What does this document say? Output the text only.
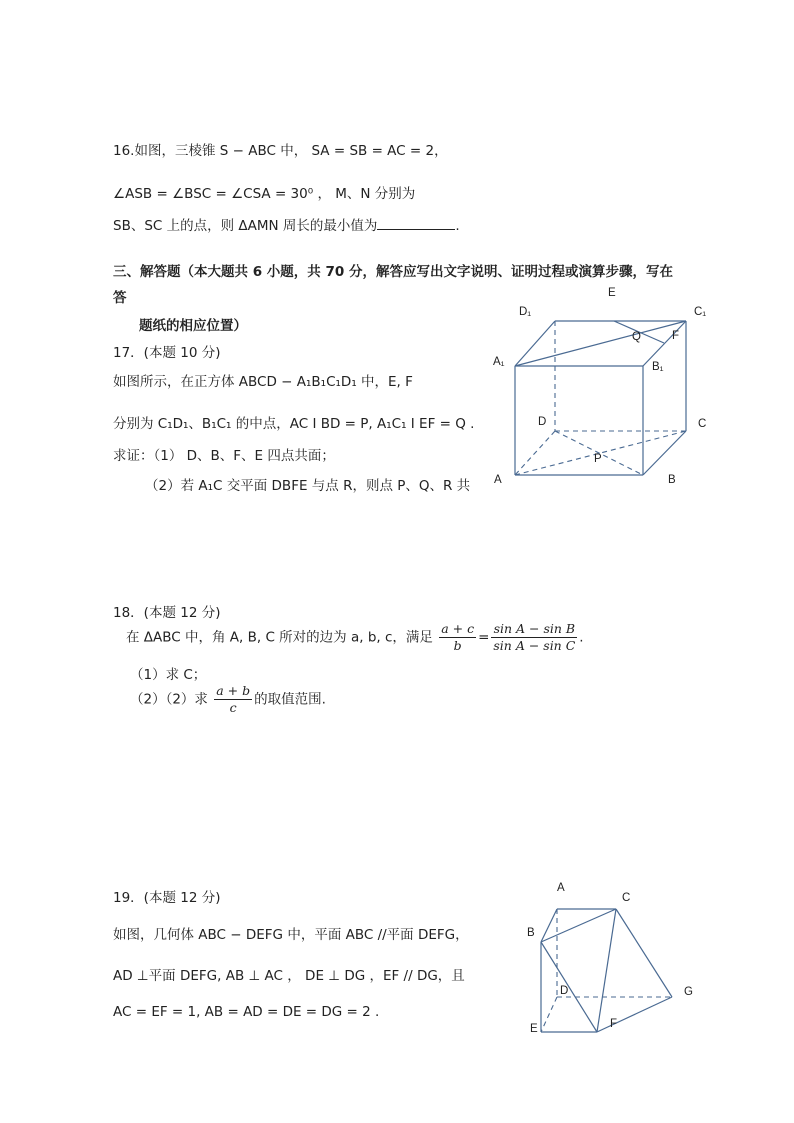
16.如图，三棱锥 S − ABC 中， SA = SB = AC = 2，
∠ASB = ∠BSC = ∠CSA = 30⁰ ， M、N 分别为
SB、SC 上的点，则 ΔAMN 周长的最小值为	.
三、解答题（本大题共 6 小题，共 70 分，解答应写出文字说明、证明过程或演算步骤，写在
答
题纸的相应位置）
17．(本题 10 分)
如图所示，在正方体 ABCD − A₁B₁C₁D₁ 中，E, F
分别为 C₁D₁、B₁C₁ 的中点，AC I BD = P, A₁C₁ I EF = Q .
求证：（1） D、B、F、E 四点共面；
（2）若 A₁C 交平面 DBFE 与点 R，则点 P、Q、R 共
E
D₁	C₁
Q	F
A₁	B₁
D	C
P
A	B
18．(本题 12 分)
在 ΔABC 中，角 A, B, C 所对的边为 a, b, c，满足 $\frac{a + c}{b} = \frac{\text{sin A − sin B}}{\text{sin A − sin C}}$ .
（1）求 C；
（2）（2）求 $\frac{a + b}{c}$ 的取值范围.
19．(本题 12 分)
如图，几何体 ABC − DEFG 中，平面 ABC //平面 DEFG，
AD ⊥平面 DEFG, AB ⊥ AC ， DE ⊥ DG ，EF // DG，且
AC = EF = 1, AB = AD = DE = DG = 2 .
A
C
B
D	G
E	F
